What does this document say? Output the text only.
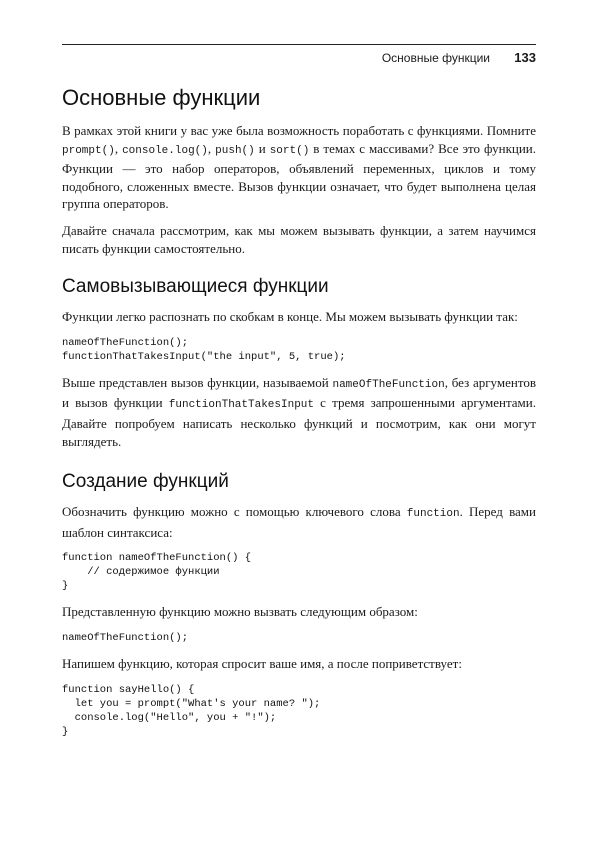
Основные функции 133
Основные функции

В рамках этой книги у вас уже была возможность поработать с функциями. Помните prompt(), console.log(), push() и sort() в темах с массивами? Все это функции. Функции — это набор операторов, объявлений переменных, циклов и тому подобного, сложенных вместе. Вызов функции означает, что будет выполнена целая группа операторов.

Давайте сначала рассмотрим, как мы можем вызывать функции, а затем научимся писать функции самостоятельно.

Самовызывающиеся функции

Функции легко распознать по скобкам в конце. Мы можем вызывать функции так:

nameOfTheFunction();
functionThatTakesInput("the input", 5, true);

Выше представлен вызов функции, называемой nameOfTheFunction, без аргументов и вызов функции functionThatTakesInput с тремя запрошенными аргументами. Давайте попробуем написать несколько функций и посмотрим, как они могут выглядеть.

Создание функций

Обозначить функцию можно с помощью ключевого слова function. Перед вами шаблон синтаксиса:

function nameOfTheFunction() {
// содержимое функции
}

Представленную функцию можно вызвать следующим образом:

nameOfTheFunction();

Напишем функцию, которая спросит ваше имя, а после поприветствует:

function sayHello() {
let you = prompt("What's your name? ");
console.log("Hello", you + "!");
}
